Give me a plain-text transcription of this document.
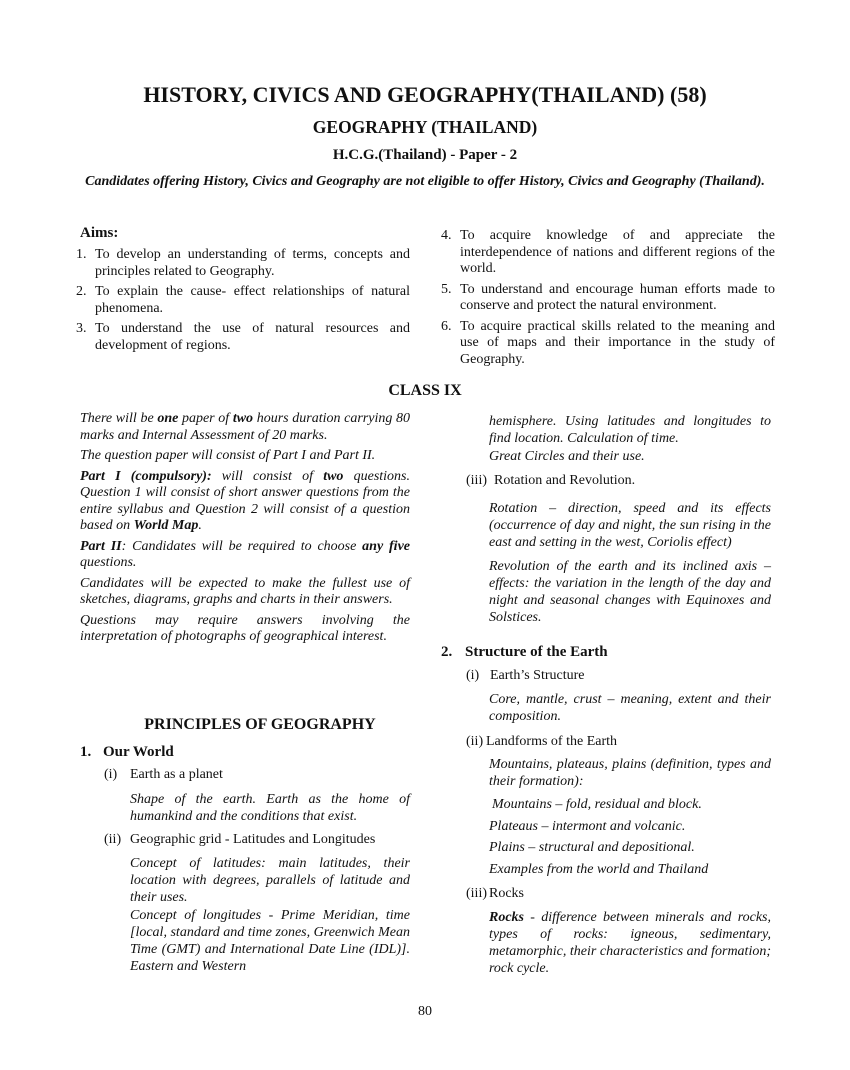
HISTORY, CIVICS AND GEOGRAPHY(THAILAND) (58)
GEOGRAPHY (THAILAND)
H.C.G.(Thailand) - Paper - 2
Candidates offering History, Civics and Geography are not eligible to offer History, Civics and Geography (Thailand).
Aims:
1. To develop an understanding of terms, concepts and principles related to Geography.
2. To explain the cause- effect relationships of natural phenomena.
3. To understand the use of natural resources and development of regions.
4. To acquire knowledge of and appreciate the interdependence of nations and different regions of the world.
5. To understand and encourage human efforts made to conserve and protect the natural environment.
6. To acquire practical skills related to the meaning and use of maps and their importance in the study of Geography.
CLASS IX

There will be one paper of two hours duration carrying 80 marks and Internal Assessment of 20 marks.

The question paper will consist of Part I and Part II.

Part I (compulsory): will consist of two questions. Question 1 will consist of short answer questions from the entire syllabus and Question 2 will consist of a question based on World Map.

Part II: Candidates will be required to choose any five questions.

Candidates will be expected to make the fullest use of sketches, diagrams, graphs and charts in their answers.

Questions may require answers involving the interpretation of photographs of geographical interest.

PRINCIPLES OF GEOGRAPHY
1. Our World
(i) Earth as a planet
Shape of the earth. Earth as the home of humankind and the conditions that exist.
(ii) Geographic grid - Latitudes and Longitudes
Concept of latitudes: main latitudes, their location with degrees, parallels of latitude and their uses.
Concept of longitudes - Prime Meridian, time [local, standard and time zones, Greenwich Mean Time (GMT) and International Date Line (IDL)]. Eastern and Western
hemisphere. Using latitudes and longitudes to find location. Calculation of time.
Great Circles and their use.
(iii) Rotation and Revolution.
Rotation – direction, speed and its effects (occurrence of day and night, the sun rising in the east and setting in the west, Coriolis effect)
Revolution of the earth and its inclined axis – effects: the variation in the length of the day and night and seasonal changes with Equinoxes and Solstices.
2. Structure of the Earth
(i) Earth’s Structure
Core, mantle, crust – meaning, extent and their composition.
(ii) Landforms of the Earth
Mountains, plateaus, plains (definition, types and their formation):
Mountains – fold, residual and block.
Plateaus – intermont and volcanic.
Plains – structural and depositional.
Examples from the world and Thailand
(iii) Rocks
Rocks - difference between minerals and rocks, types of rocks: igneous, sedimentary, metamorphic, their characteristics and formation; rock cycle.
80
